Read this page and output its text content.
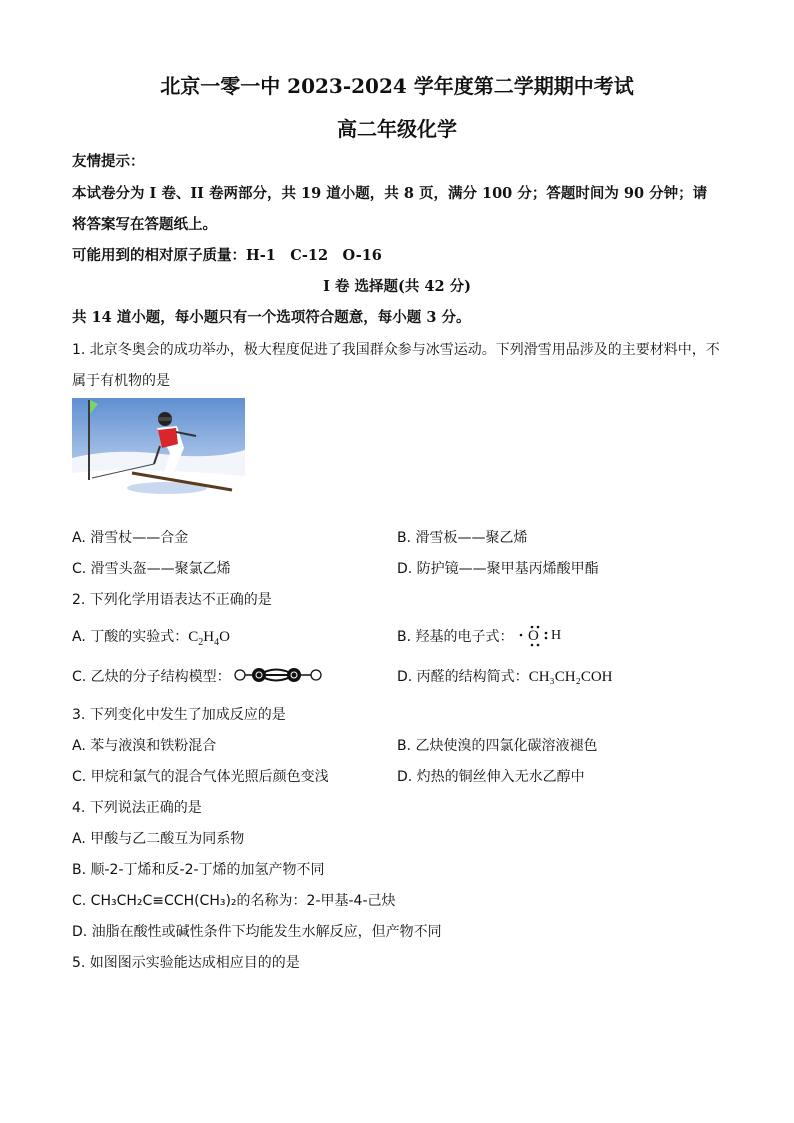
北京一零一中 2023-2024 学年度第二学期期中考试
高二年级化学
友情提示：
本试卷分为 I 卷、II 卷两部分，共 19 道小题，共 8 页，满分 100 分；答题时间为 90 分钟；请
将答案写在答题纸上。
可能用到的相对原子质量：H-1　C-12　O-16
I 卷 选择题(共 42 分)
共 14 道小题，每小题只有一个选项符合题意，每小题 3 分。
1. 北京冬奥会的成功举办，极大程度促进了我国群众参与冰雪运动。下列滑雪用品涉及的主要材料中，不
属于有机物的是
A. 滑雪杖——合金	B. 滑雪板——聚乙烯
C. 滑雪头盔——聚氯乙烯	D. 防护镜——聚甲基丙烯酸甲酯
2. 下列化学用语表达不正确的是
A. 丁酸的实验式：$C_2H_4O$	B. 羟基的电子式： O H
C. 乙炔的分子结构模型：	D. 丙醛的结构简式：CH₃CH₂COH
3. 下列变化中发生了加成反应的是
A. 苯与液溴和铁粉混合	B. 乙炔使溴的四氯化碳溶液褪色
C. 甲烷和氯气的混合气体光照后颜色变浅	D. 灼热的铜丝伸入无水乙醇中
4. 下列说法正确的是
A. 甲酸与乙二酸互为同系物
B. 顺-2-丁烯和反-2-丁烯的加氢产物不同
C. CH₃CH₂C≡CCH(CH₃)₂的名称为：2-甲基-4-己炔
D. 油脂在酸性或碱性条件下均能发生水解反应，但产物不同
5. 如图图示实验能达成相应目的的是
